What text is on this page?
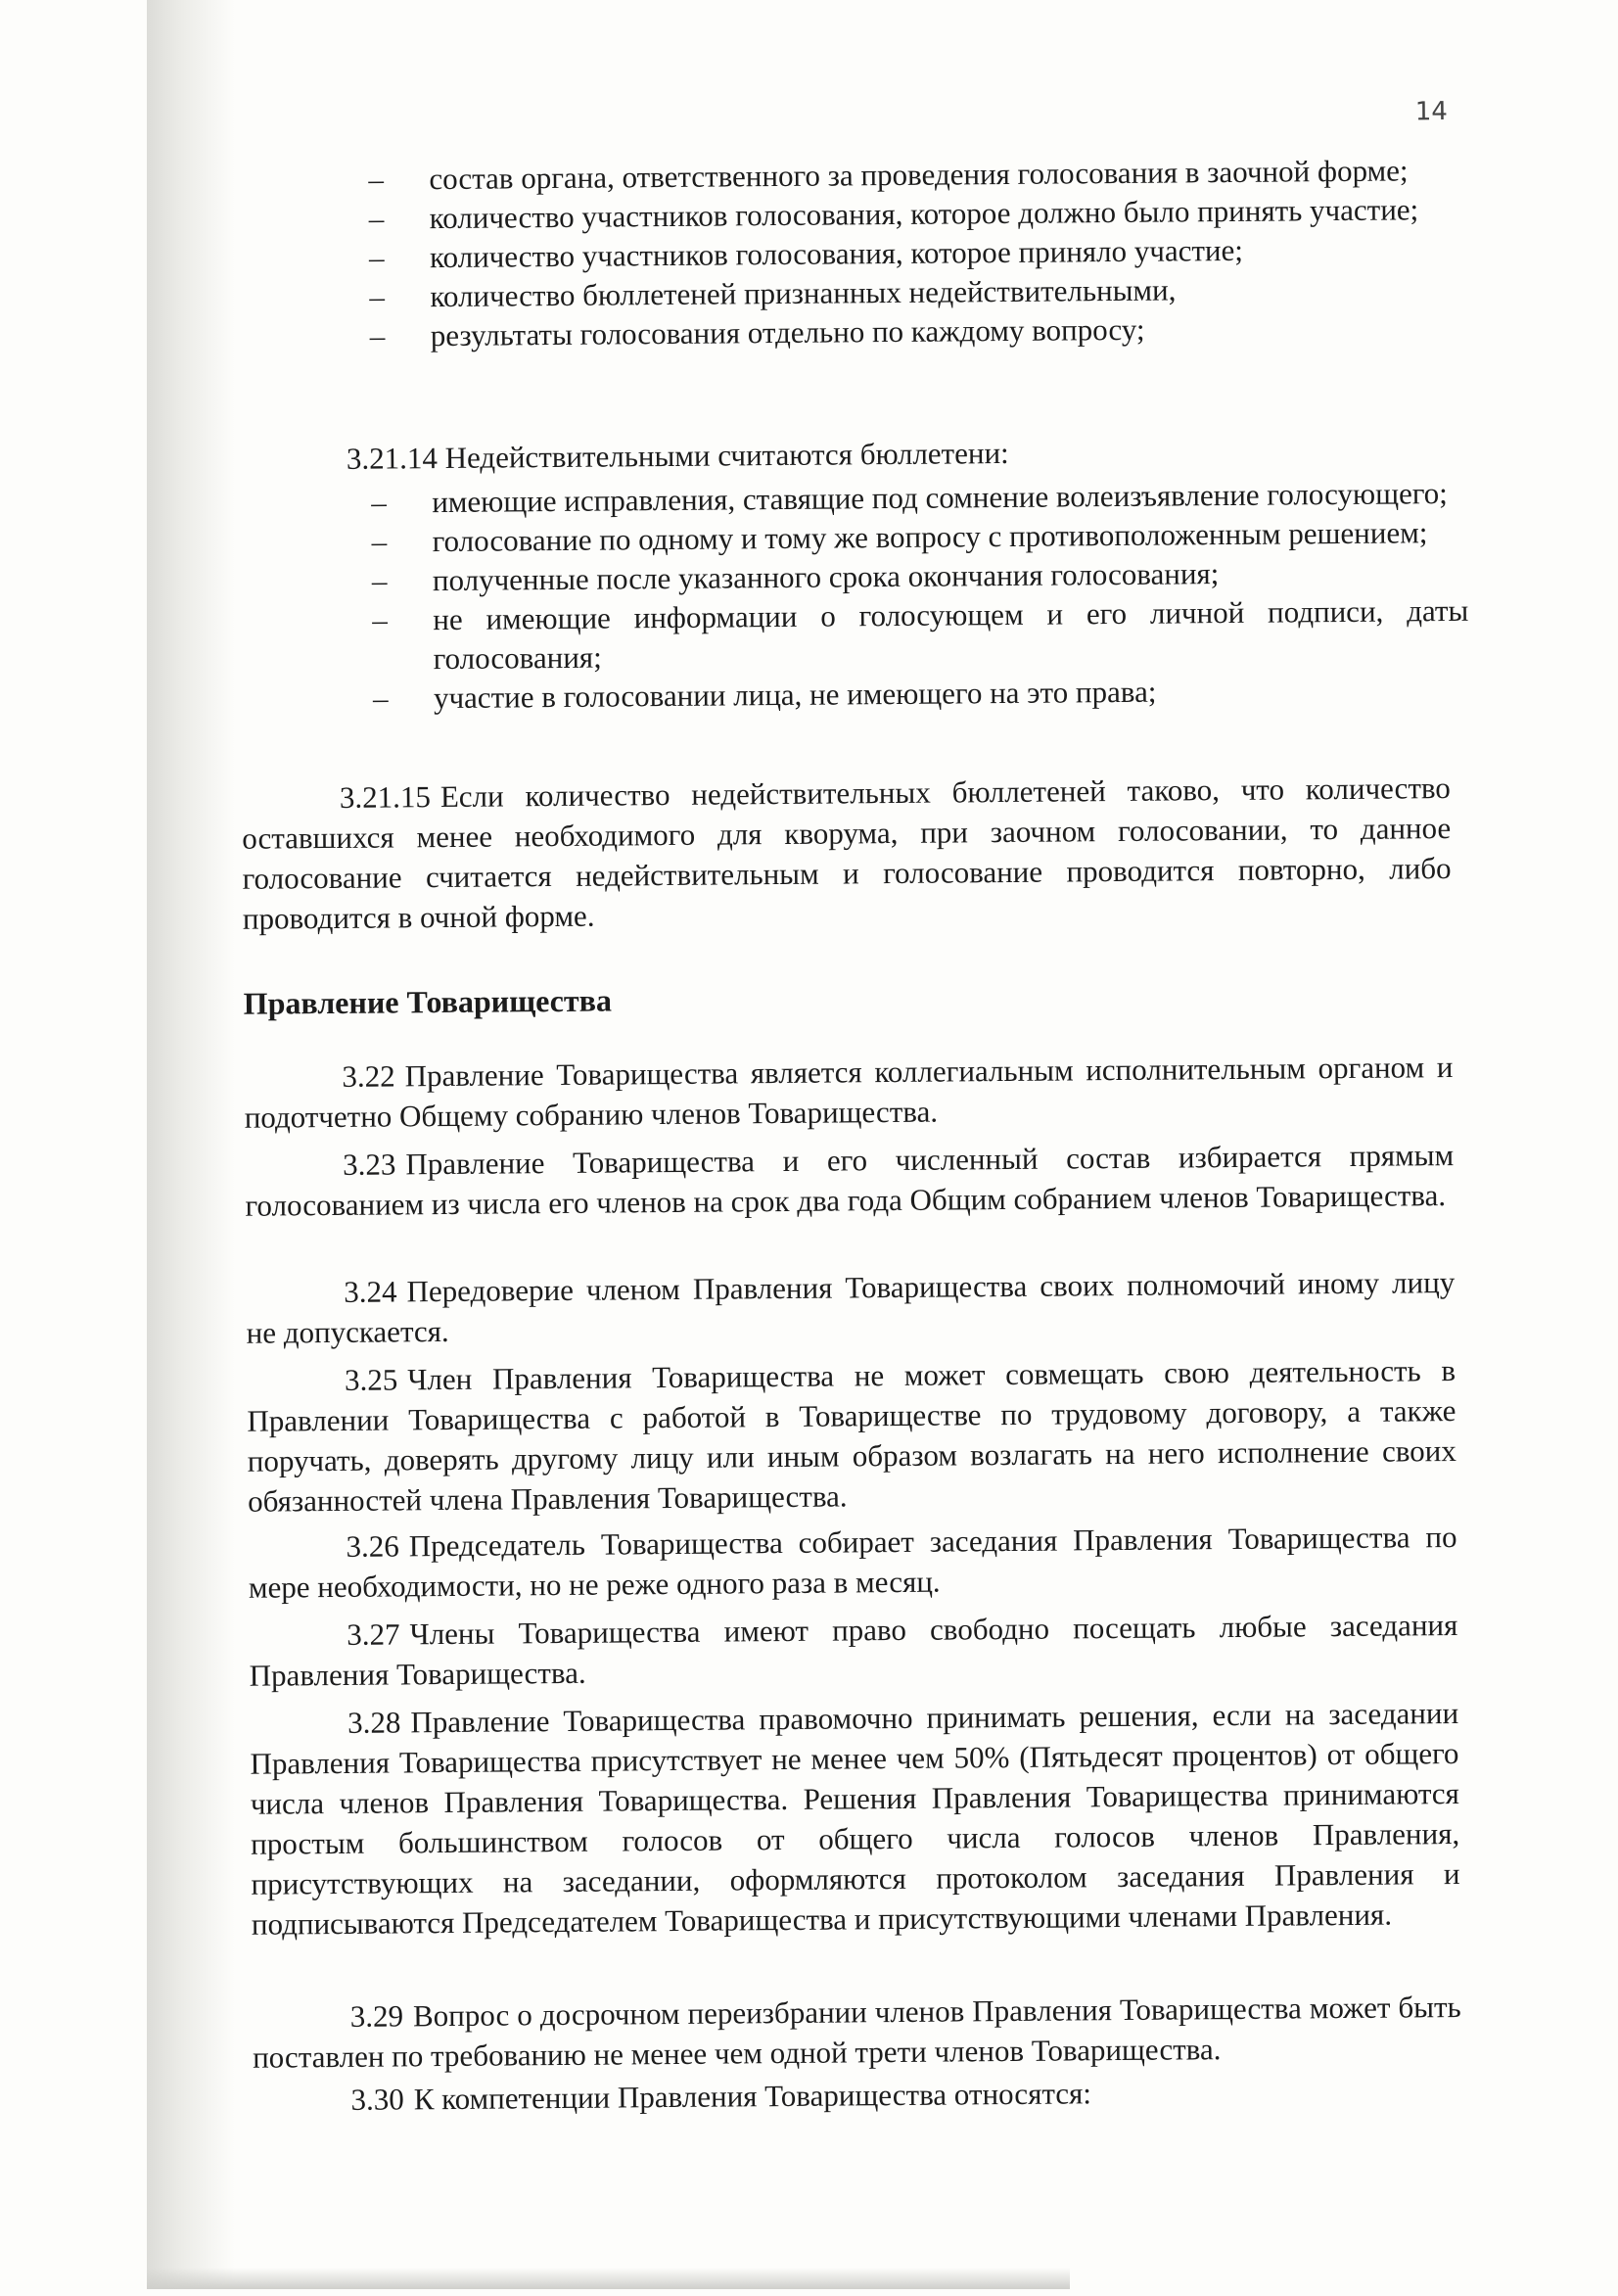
14

– состав органа, ответственного за проведения голосования в заочной форме;

– количество участников голосования, которое должно было принять участие;

– количество участников голосования, которое приняло участие;

– количество бюллетеней признанных недействительными,

– результаты голосования отдельно по каждому вопросу;

3.21.14 Недействительными считаются бюллетени:

– имеющие исправления, ставящие под сомнение волеизъявление голосующего;

– голосование по одному и тому же вопросу с противоположенным решением;

– полученные после указанного срока окончания голосования;

– не имеющие информации о голосующем и его личной подписи, даты голосования;

– участие в голосовании лица, не имеющего на это права;

3.21.15 Если количество недействительных бюллетеней таково, что количество оставшихся менее необходимого для кворума, при заочном голосовании, то данное голосование считается недействительным и голосование проводится повторно, либо проводится в очной форме.

Правление Товарищества

3.22 Правление Товарищества является коллегиальным исполнительным органом и подотчетно Общему собранию членов Товарищества.

3.23 Правление Товарищества и его численный состав избирается прямым голосованием из числа его членов на срок два года Общим собранием членов Товарищества.

3.24 Передоверие членом Правления Товарищества своих полномочий иному лицу не допускается.

3.25 Член Правления Товарищества не может совмещать свою деятельность в Правлении Товарищества с работой в Товариществе по трудовому договору, а также поручать, доверять другому лицу или иным образом возлагать на него исполнение своих обязанностей члена Правления Товарищества.

3.26 Председатель Товарищества собирает заседания Правления Товарищества по мере необходимости, но не реже одного раза в месяц.

3.27 Члены Товарищества имеют право свободно посещать любые заседания Правления Товарищества.

3.28 Правление Товарищества правомочно принимать решения, если на заседании Правления Товарищества присутствует не менее чем 50% (Пятьдесят процентов) от общего числа членов Правления Товарищества. Решения Правления Товарищества принимаются простым большинством голосов от общего числа голосов членов Правления, присутствующих на заседании, оформляются протоколом заседания Правления и подписываются Председателем Товарищества и присутствующими членами Правления.

3.29 Вопрос о досрочном переизбрании членов Правления Товарищества может быть поставлен по требованию не менее чем одной трети членов Товарищества.

3.30 К компетенции Правления Товарищества относятся:
